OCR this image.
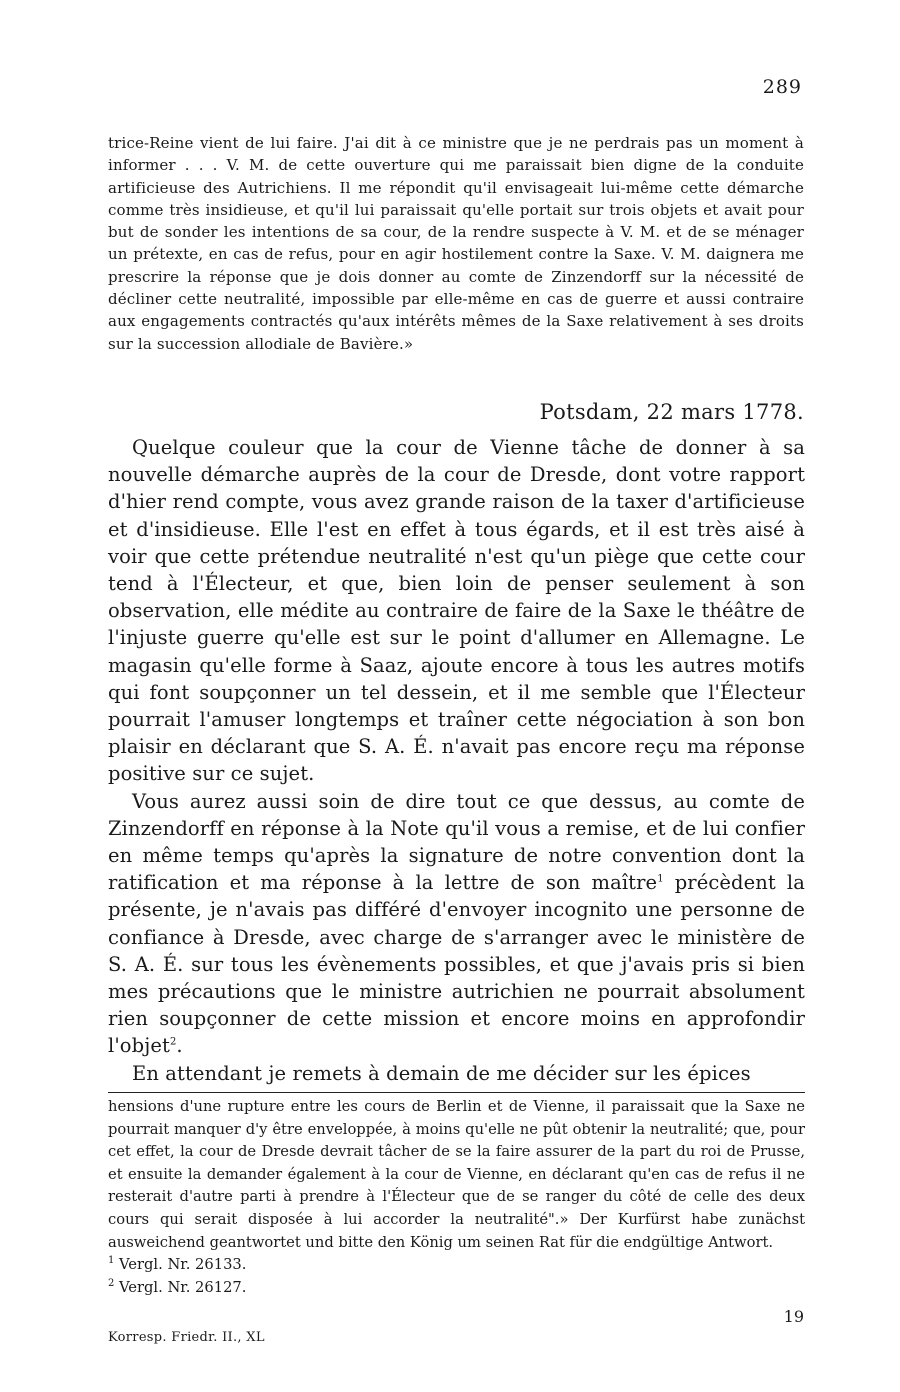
289

trice-Reine vient de lui faire. J'ai dit à ce ministre que je ne perdrais pas un moment à informer . . . V. M. de cette ouverture qui me paraissait bien digne de la conduite artificieuse des Autrichiens. Il me répondit qu'il envisageait lui-même cette démarche comme très insidieuse, et qu'il lui paraissait qu'elle portait sur trois objets et avait pour but de sonder les intentions de sa cour, de la rendre suspecte à V. M. et de se ménager un prétexte, en cas de refus, pour en agir hostilement contre la Saxe. V. M. daignera me prescrire la réponse que je dois donner au comte de Zinzendorff sur la nécessité de décliner cette neutralité, impossible par elle-même en cas de guerre et aussi contraire aux engagements contractés qu'aux intérêts mêmes de la Saxe relativement à ses droits sur la succession allodiale de Bavière.»

Potsdam, 22 mars 1778.

Quelque couleur que la cour de Vienne tâche de donner à sa nouvelle démarche auprès de la cour de Dresde, dont votre rapport d'hier rend compte, vous avez grande raison de la taxer d'artificieuse et d'insidieuse. Elle l'est en effet à tous égards, et il est très aisé à voir que cette prétendue neutralité n'est qu'un piège que cette cour tend à l'Électeur, et que, bien loin de penser seulement à son observation, elle médite au contraire de faire de la Saxe le théâtre de l'injuste guerre qu'elle est sur le point d'allumer en Allemagne. Le magasin qu'elle forme à Saaz, ajoute encore à tous les autres motifs qui font soupçonner un tel dessein, et il me semble que l'Électeur pourrait l'amuser longtemps et traîner cette négociation à son bon plaisir en déclarant que S. A. É. n'avait pas encore reçu ma réponse positive sur ce sujet.

Vous aurez aussi soin de dire tout ce que dessus, au comte de Zinzendorff en réponse à la Note qu'il vous a remise, et de lui confier en même temps qu'après la signature de notre convention dont la ratification et ma réponse à la lettre de son maître$^1$ précèdent la présente, je n'avais pas différé d'envoyer incognito une personne de confiance à Dresde, avec charge de s'arranger avec le ministère de S. A. É. sur tous les évènements possibles, et que j'avais pris si bien mes précautions que le ministre autrichien ne pourrait absolument rien soupçonner de cette mission et encore moins en approfondir l'objet$^2$.

En attendant je remets à demain de me décider sur les épices

hensions d'une rupture entre les cours de Berlin et de Vienne, il paraissait que la Saxe ne pourrait manquer d'y être enveloppée, à moins qu'elle ne pût obtenir la neutralité; que, pour cet effet, la cour de Dresde devrait tâcher de se la faire assurer de la part du roi de Prusse, et ensuite la demander également à la cour de Vienne, en déclarant qu'en cas de refus il ne resterait d'autre parti à prendre à l'Électeur que de se ranger du côté de celle des deux cours qui serait disposée à lui accorder la neutralité".» Der Kurfürst habe zunächst ausweichend geantwortet und bitte den König um seinen Rat für die endgültige Antwort.

$^1$ Vergl. Nr. 26133.

$^2$ Vergl. Nr. 26127.

19
Korresp. Friedr. II., XL
